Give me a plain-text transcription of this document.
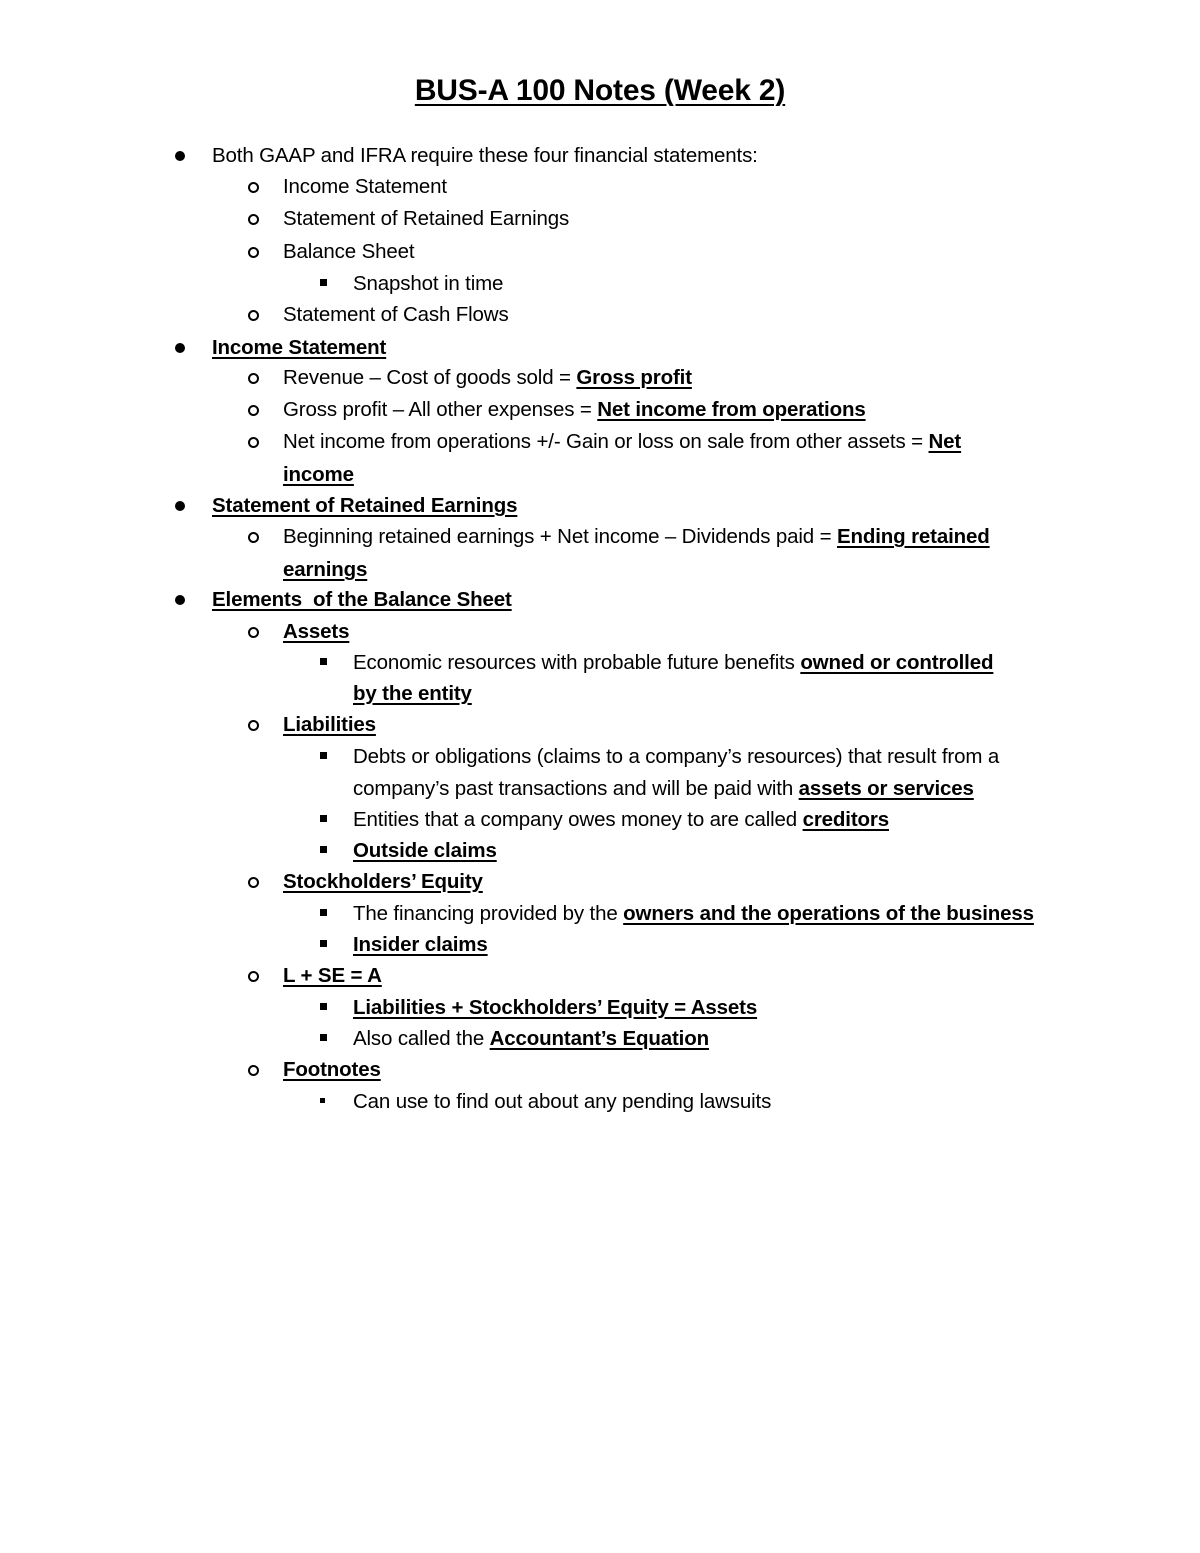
BUS-A 100 Notes (Week 2)
Both GAAP and IFRA require these four financial statements:
Income Statement
Statement of Retained Earnings
Balance Sheet
Snapshot in time
Statement of Cash Flows
Income Statement
Revenue – Cost of goods sold = Gross profit
Gross profit – All other expenses = Net income from operations
Net income from operations +/- Gain or loss on sale from other assets = Net
income
Statement of Retained Earnings
Beginning retained earnings + Net income – Dividends paid = Ending retained
earnings
Elements  of the Balance Sheet
Assets
Economic resources with probable future benefits owned or controlled
by the entity
Liabilities
Debts or obligations (claims to a company’s resources) that result from a
company’s past transactions and will be paid with assets or services
Entities that a company owes money to are called creditors
Outside claims
Stockholders’ Equity
The financing provided by the owners and the operations of the business
Insider claims
L + SE = A
Liabilities + Stockholders’ Equity = Assets
Also called the Accountant’s Equation
Footnotes
Can use to find out about any pending lawsuits
